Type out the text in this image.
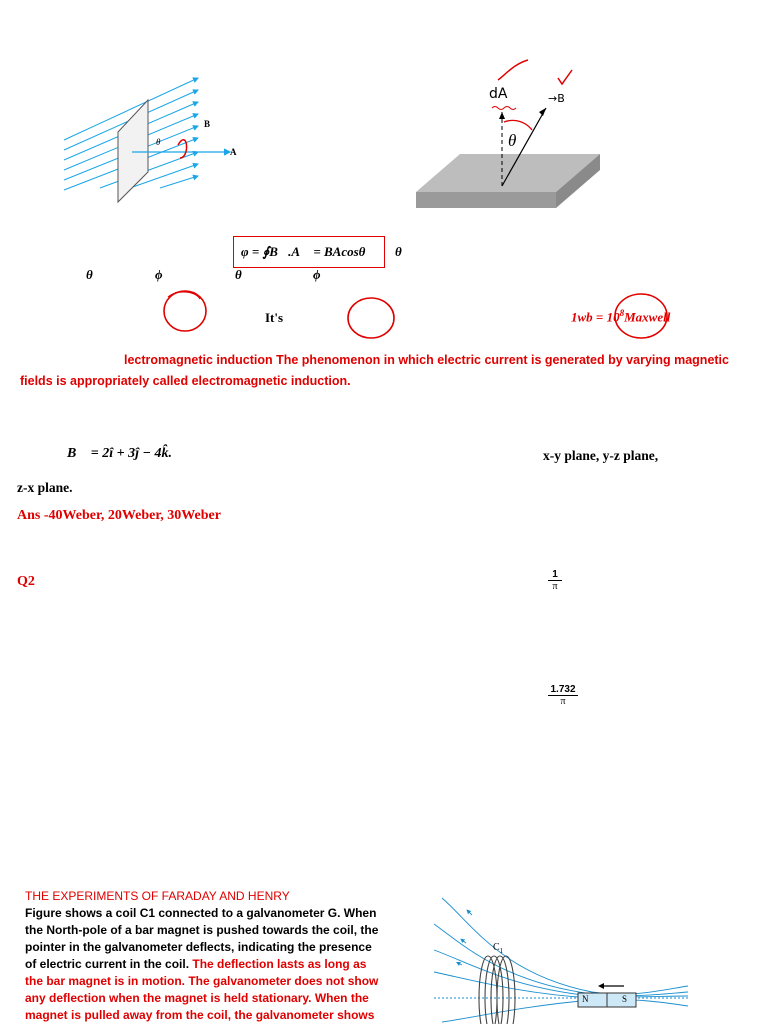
B
A
θ
dA	→B
θ
φ = ∮B⃗.A⃗ = BAcosθ θ
θ	ϕ	θ	ϕ
It's	$1wb = 10^8Maxwell$
lectromagnetic induction The phenomenon in which electric current is generated by varying magnetic
fields is appropriately called electromagnetic induction.
B⃗ = 2î + 3ĵ − 4k̂.	x-y plane, y-z plane,
z-x plane.
Ans -40Weber, 20Weber, 30Weber
Q2	$\frac{1}{\pi}$
$\frac{1.732}{\pi}$
THE EXPERIMENTS OF FARADAY AND HENRY
Figure shows a coil C1 connected to a galvanometer G. When
the North-pole of a bar magnet is pushed towards the coil, the
pointer in the galvanometer deflects, indicating the presence
of electric current in the coil. The deflection lasts as long as
the bar magnet is in motion. The galvanometer does not show
any deflection when the magnet is held stationary. When the
magnet is pulled away from the coil, the galvanometer shows
$C_1$
N	S
